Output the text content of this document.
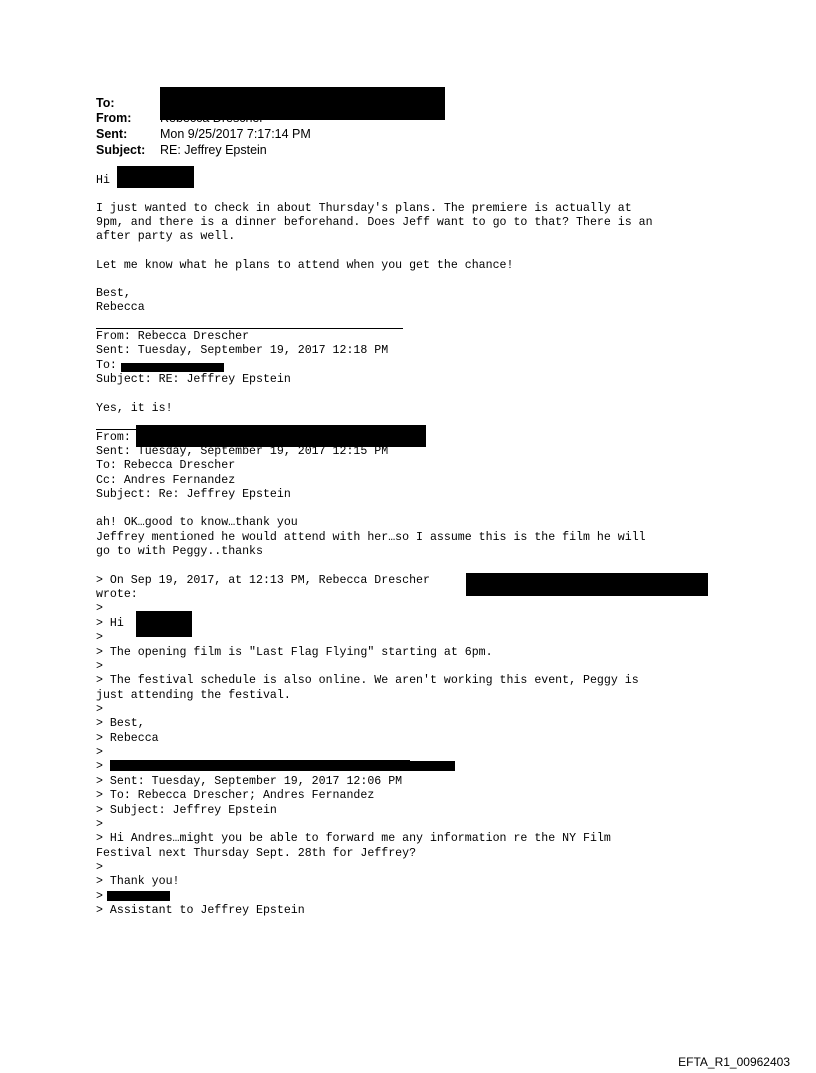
To:
From:
Sent:	Mon 9/25/2017 7:17:14 PM
Subject: RE: Jeffrey Epstein
Hi
I just wanted to check in about Thursday's plans. The premiere is actually at
9pm, and there is a dinner beforehand. Does Jeff want to go to that? There is an
after party as well.
Let me know what he plans to attend when you get the chance!
Best,
Rebecca
From: Rebecca Drescher
Sent: Tuesday, September 19, 2017 12:18 PM
To:
Subject: RE: Jeffrey Epstein
Yes, it is!
From:
Sent: Tuesday, September 19, 2017 12:15 PM
To: Rebecca Drescher
Cc: Andres Fernandez
Subject: Re: Jeffrey Epstein
ah! OK…good to know…thank you
Jeffrey mentioned he would attend with her…so I assume this is the film he will
go to with Peggy..thanks
> On Sep 19, 2017, at 12:13 PM, Rebecca Drescher
wrote:
>
> Hi
>
> The opening film is "Last Flag Flying" starting at 6pm.
>
> The festival schedule is also online. We aren't working this event, Peggy is
just attending the festival.
>
> Best,
> Rebecca
>
>
> Sent: Tuesday, September 19, 2017 12:06 PM
> To: Rebecca Drescher; Andres Fernandez
> Subject: Jeffrey Epstein
>
> Hi Andres…might you be able to forward me any information re the NY Film
Festival next Thursday Sept. 28th for Jeffrey?
>
> Thank you!
>
> Assistant to Jeffrey Epstein
EFTA_R1_00962403
